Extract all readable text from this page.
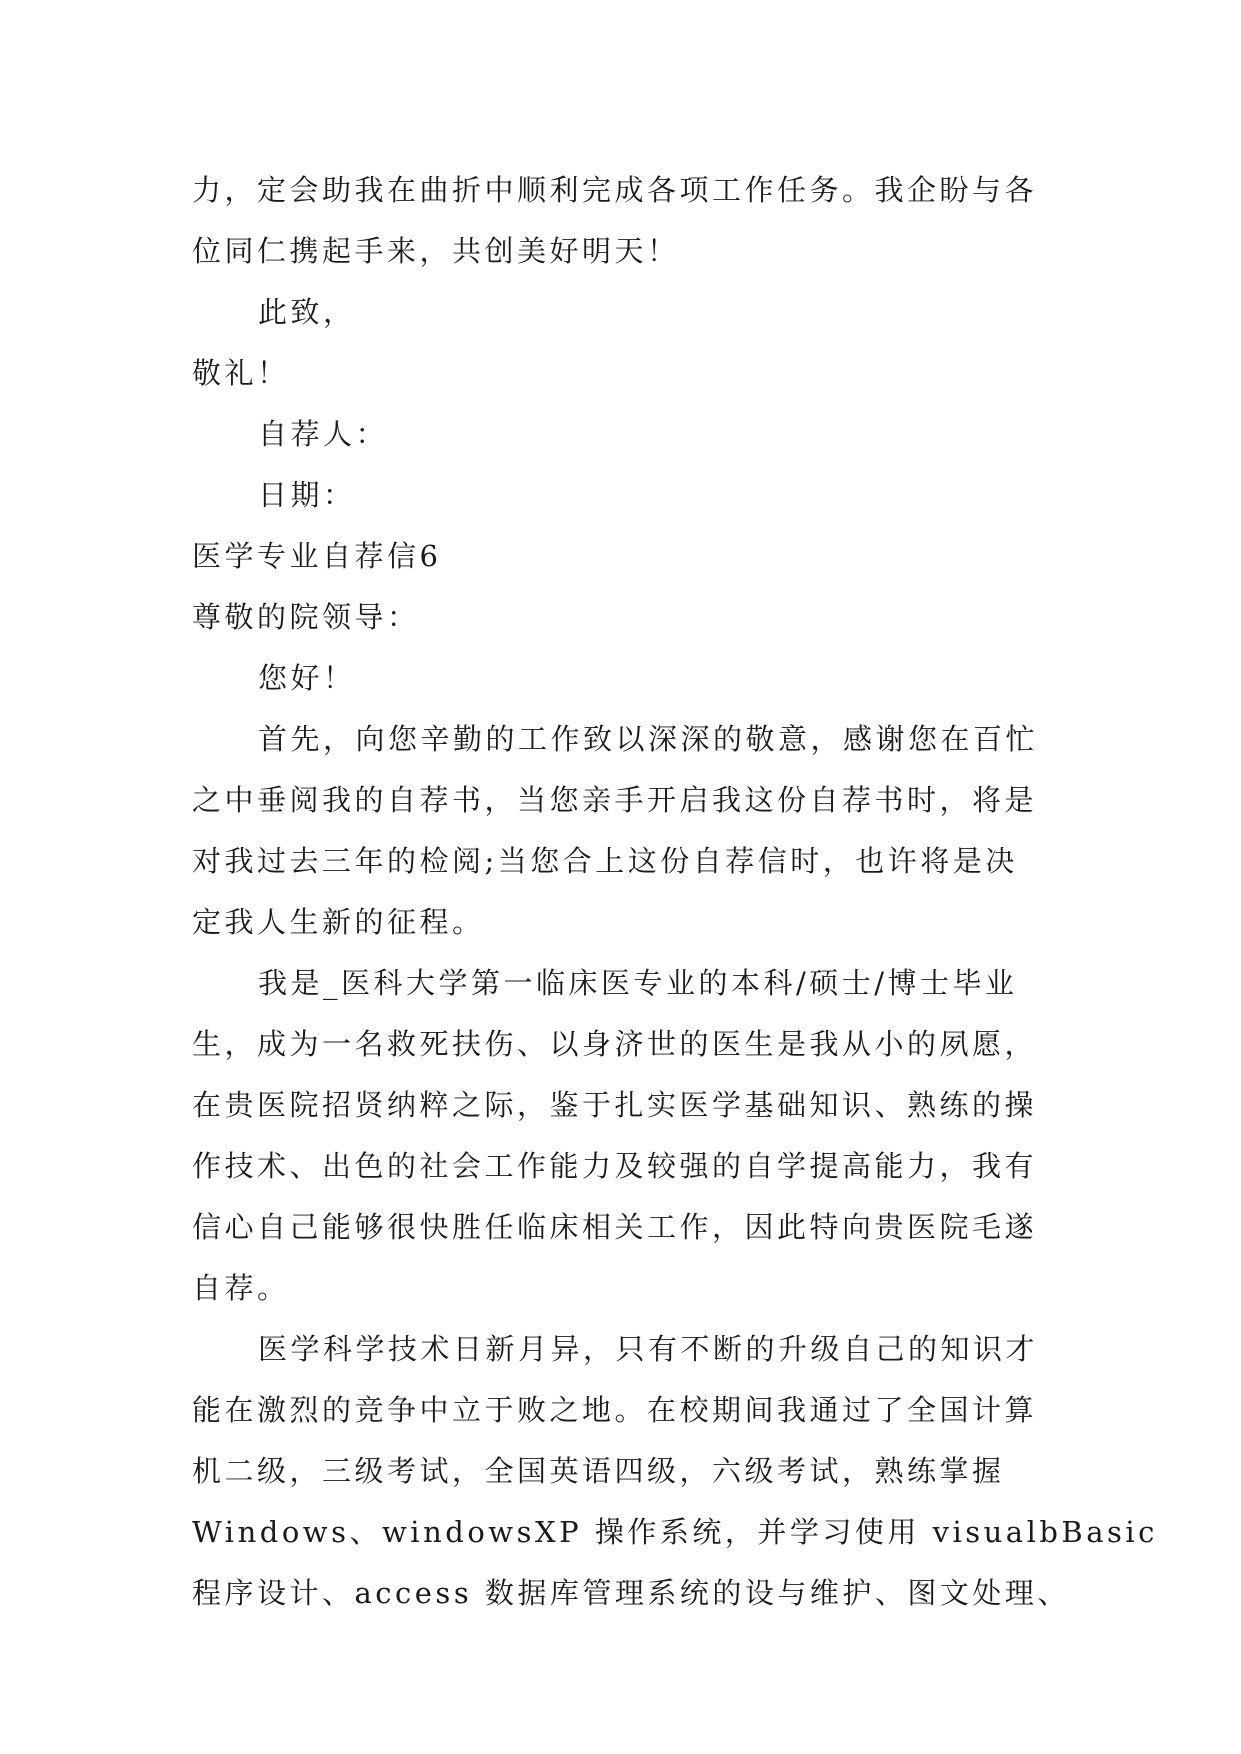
力，定会助我在曲折中顺利完成各项工作任务。我企盼与各
位同仁携起手来，共创美好明天！
此致，
敬礼！
自荐人：
日期：
医学专业自荐信6
尊敬的院领导：
您好！
首先，向您辛勤的工作致以深深的敬意，感谢您在百忙
之中垂阅我的自荐书，当您亲手开启我这份自荐书时，将是
对我过去三年的检阅;当您合上这份自荐信时，也许将是决
定我人生新的征程。
我是_医科大学第一临床医专业的本科/硕士/博士毕业
生，成为一名救死扶伤、以身济世的医生是我从小的夙愿，
在贵医院招贤纳粹之际，鉴于扎实医学基础知识、熟练的操
作技术、出色的社会工作能力及较强的自学提高能力，我有
信心自己能够很快胜任临床相关工作，因此特向贵医院毛遂
自荐。
医学科学技术日新月异，只有不断的升级自己的知识才
能在激烈的竞争中立于败之地。在校期间我通过了全国计算
机二级，三级考试，全国英语四级，六级考试，熟练掌握
Windows、windowsXP 操作系统，并学习使用 visualbBasic
程序设计、access 数据库管理系统的设与维护、图文处理、
